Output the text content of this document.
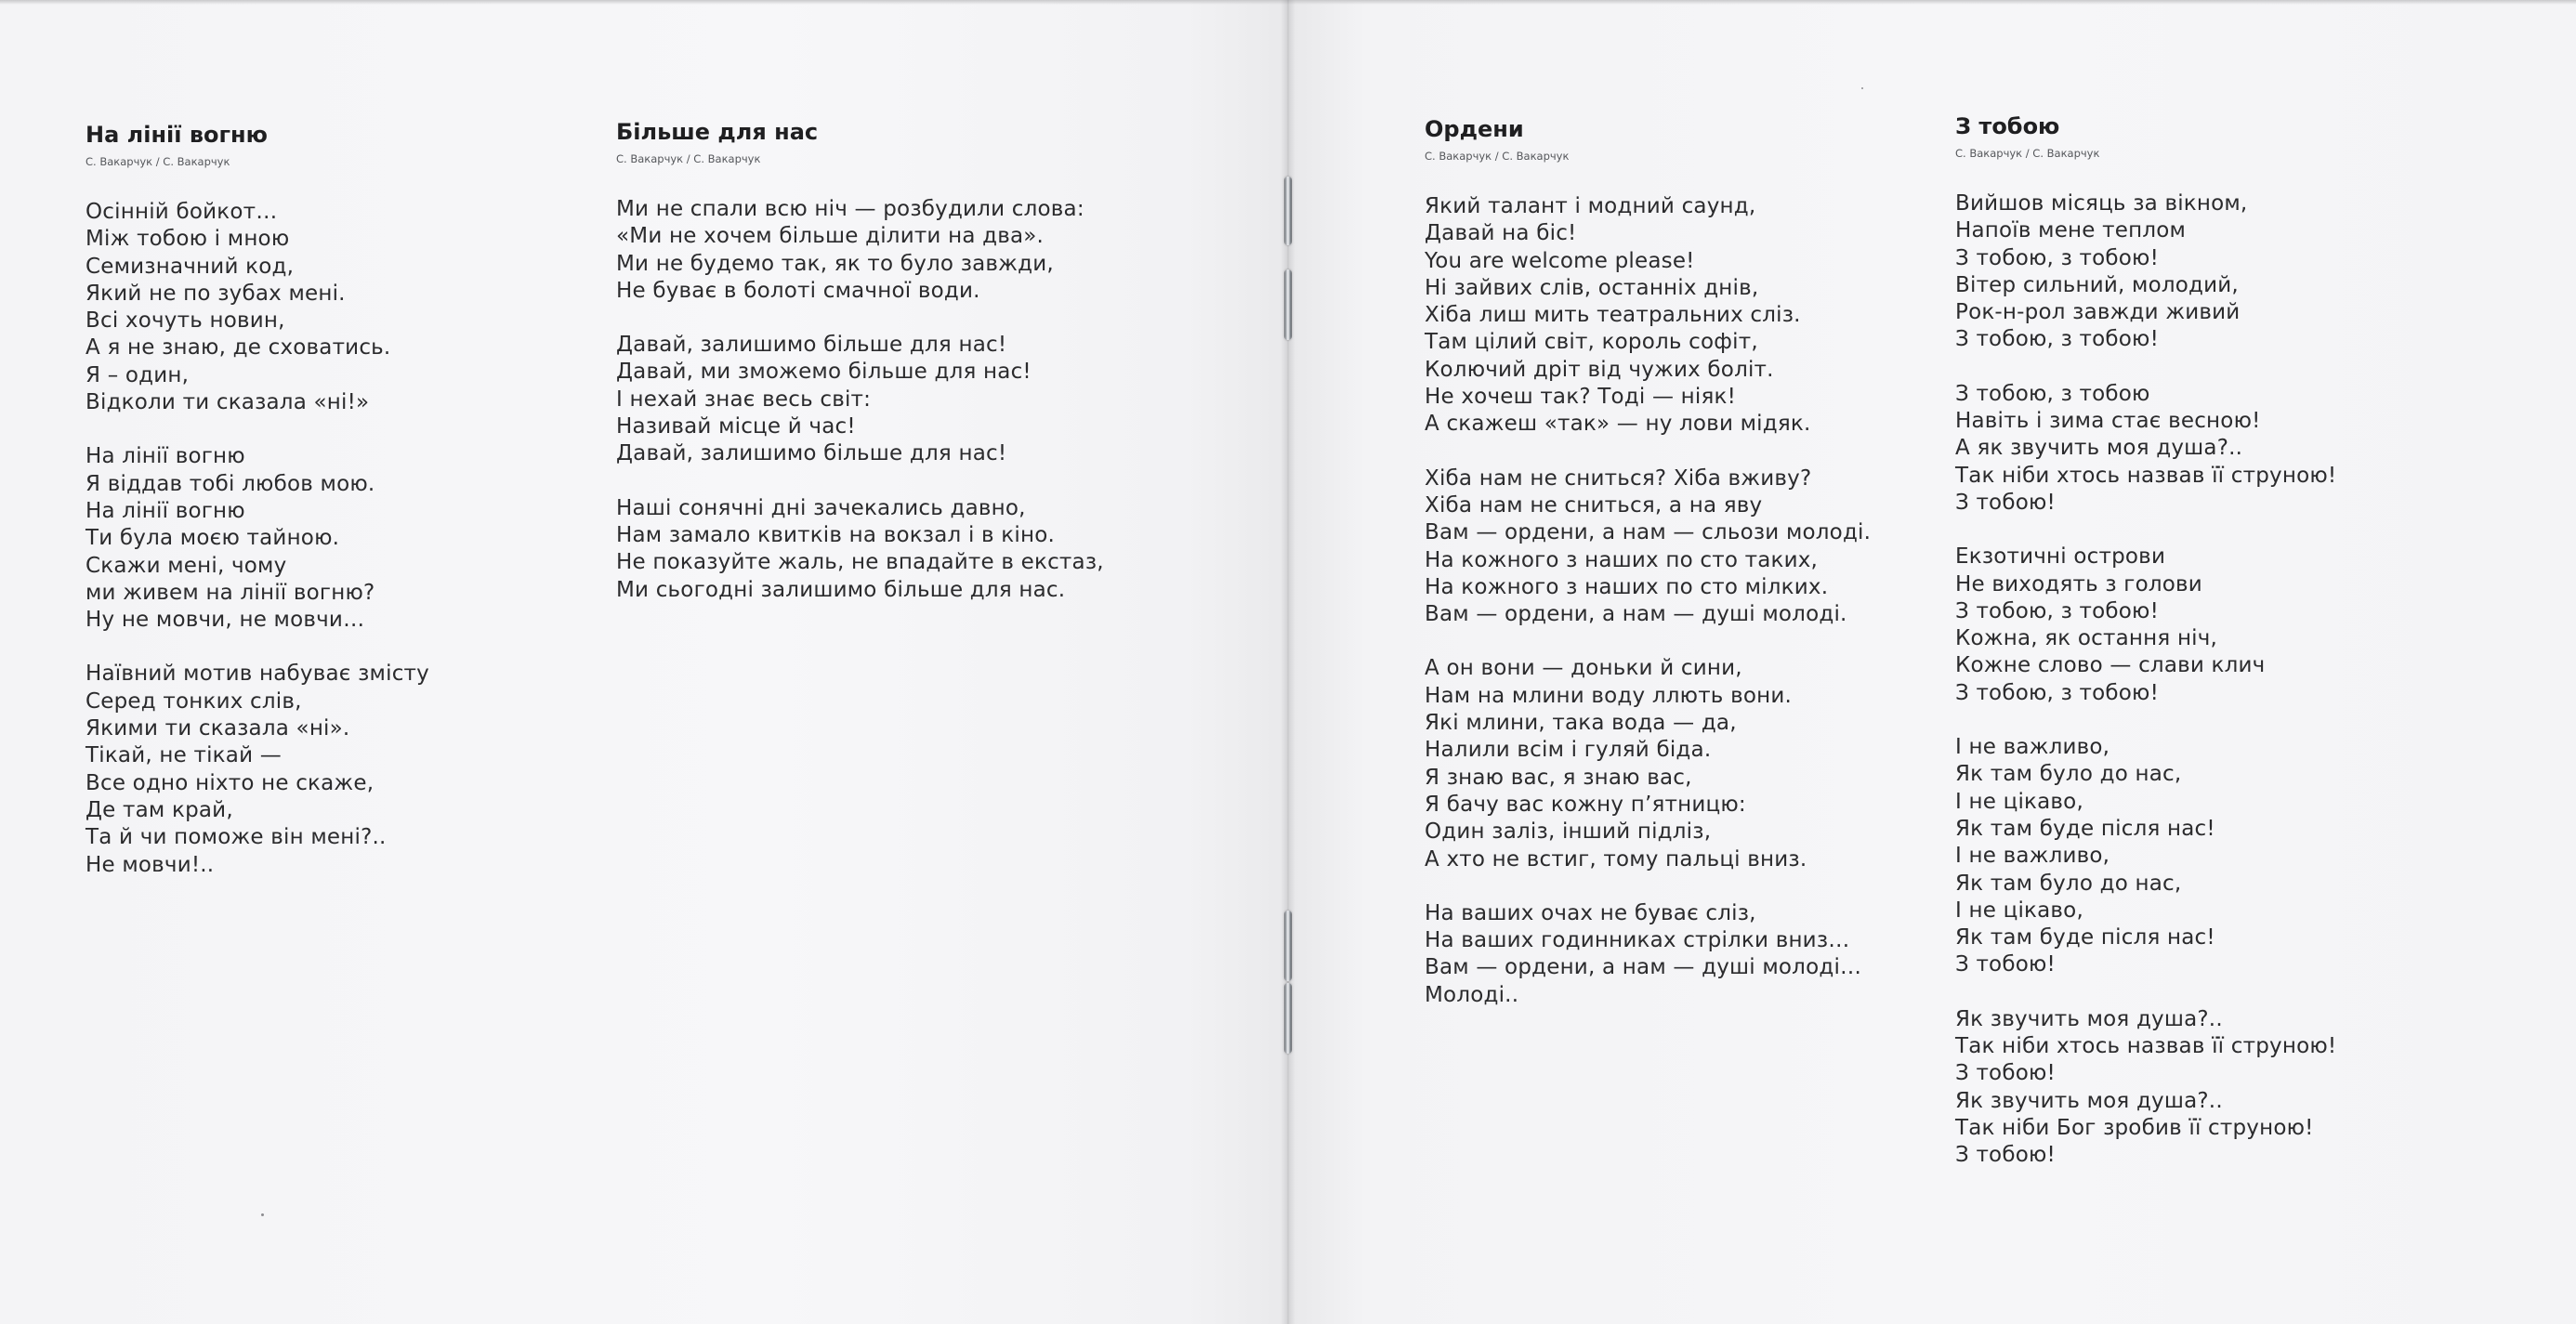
На лінії вогню
С. Вакарчук / С. Вакарчук
Осінній бойкот…
Між тобою і мною
Семизначний код,
Який не по зубах мені.
Всі хочуть новин,
А я не знаю, де сховатись.
Я – один,
Відколи ти сказала «ні!»
На лінії вогню
Я віддав тобі любов мою.
На лінії вогню
Ти була моєю тайною.
Скажи мені, чому
ми живем на лінії вогню?
Ну не мовчи, не мовчи…
Наївний мотив набуває змісту
Серед тонких слів,
Якими ти сказала «ні».
Тікай, не тікай —
Все одно ніхто не скаже,
Де там край,
Та й чи поможе він мені?..
Не мовчи!..
Більше для нас
С. Вакарчук / С. Вакарчук
Ми не спали всю ніч — розбудили слова:
«Ми не хочем більше ділити на два».
Ми не будемо так, як то було завжди,
Не буває в болоті смачної води.
Давай, залишимо більше для нас!
Давай, ми зможемо більше для нас!
І нехай знає весь світ:
Називай місце й час!
Давай, залишимо більше для нас!
Наші сонячні дні зачекались давно,
Нам замало квитків на вокзал і в кіно.
Не показуйте жаль, не впадайте в екстаз,
Ми сьогодні залишимо більше для нас.
Ордени
С. Вакарчук / С. Вакарчук
Який талант і модний саунд,
Давай на біс!
You are welcome please!
Ні зайвих слів, останніх днів,
Хіба лиш мить театральних сліз.
Там цілий світ, король софіт,
Колючий дріт від чужих боліт.
Не хочеш так? Тоді — ніяк!
А скажеш «так» — ну лови мідяк.
Хіба нам не сниться? Хіба вживу?
Хіба нам не сниться, а на яву
Вам — ордени, а нам — сльози молоді.
На кожного з наших по сто таких,
На кожного з наших по сто мілких.
Вам — ордени, а нам — душі молоді.
А он вони — доньки й сини,
Нам на млини воду ллють вони.
Які млини, така вода — да,
Налили всім і гуляй біда.
Я знаю вас, я знаю вас,
Я бачу вас кожну п’ятницю:
Один заліз, інший підліз,
А хто не встиг, тому пальці вниз.
На ваших очах не буває сліз,
На ваших годинниках стрілки вниз…
Вам — ордени, а нам — душі молоді…
Молоді..
З тобою
С. Вакарчук / С. Вакарчук
Вийшов місяць за вікном,
Напоїв мене теплом
З тобою, з тобою!
Вітер сильний, молодий,
Рок-н-рол завжди живий
З тобою, з тобою!
З тобою, з тобою
Навіть і зима стає весною!
А як звучить моя душа?..
Так ніби хтось назвав її струною!
З тобою!
Екзотичні острови
Не виходять з голови
З тобою, з тобою!
Кожна, як остання ніч,
Кожне слово — слави клич
З тобою, з тобою!
І не важливо,
Як там було до нас,
І не цікаво,
Як там буде після нас!
І не важливо,
Як там було до нас,
І не цікаво,
Як там буде після нас!
З тобою!
Як звучить моя душа?..
Так ніби хтось назвав її струною!
З тобою!
Як звучить моя душа?..
Так ніби Бог зробив її струною!
З тобою!
